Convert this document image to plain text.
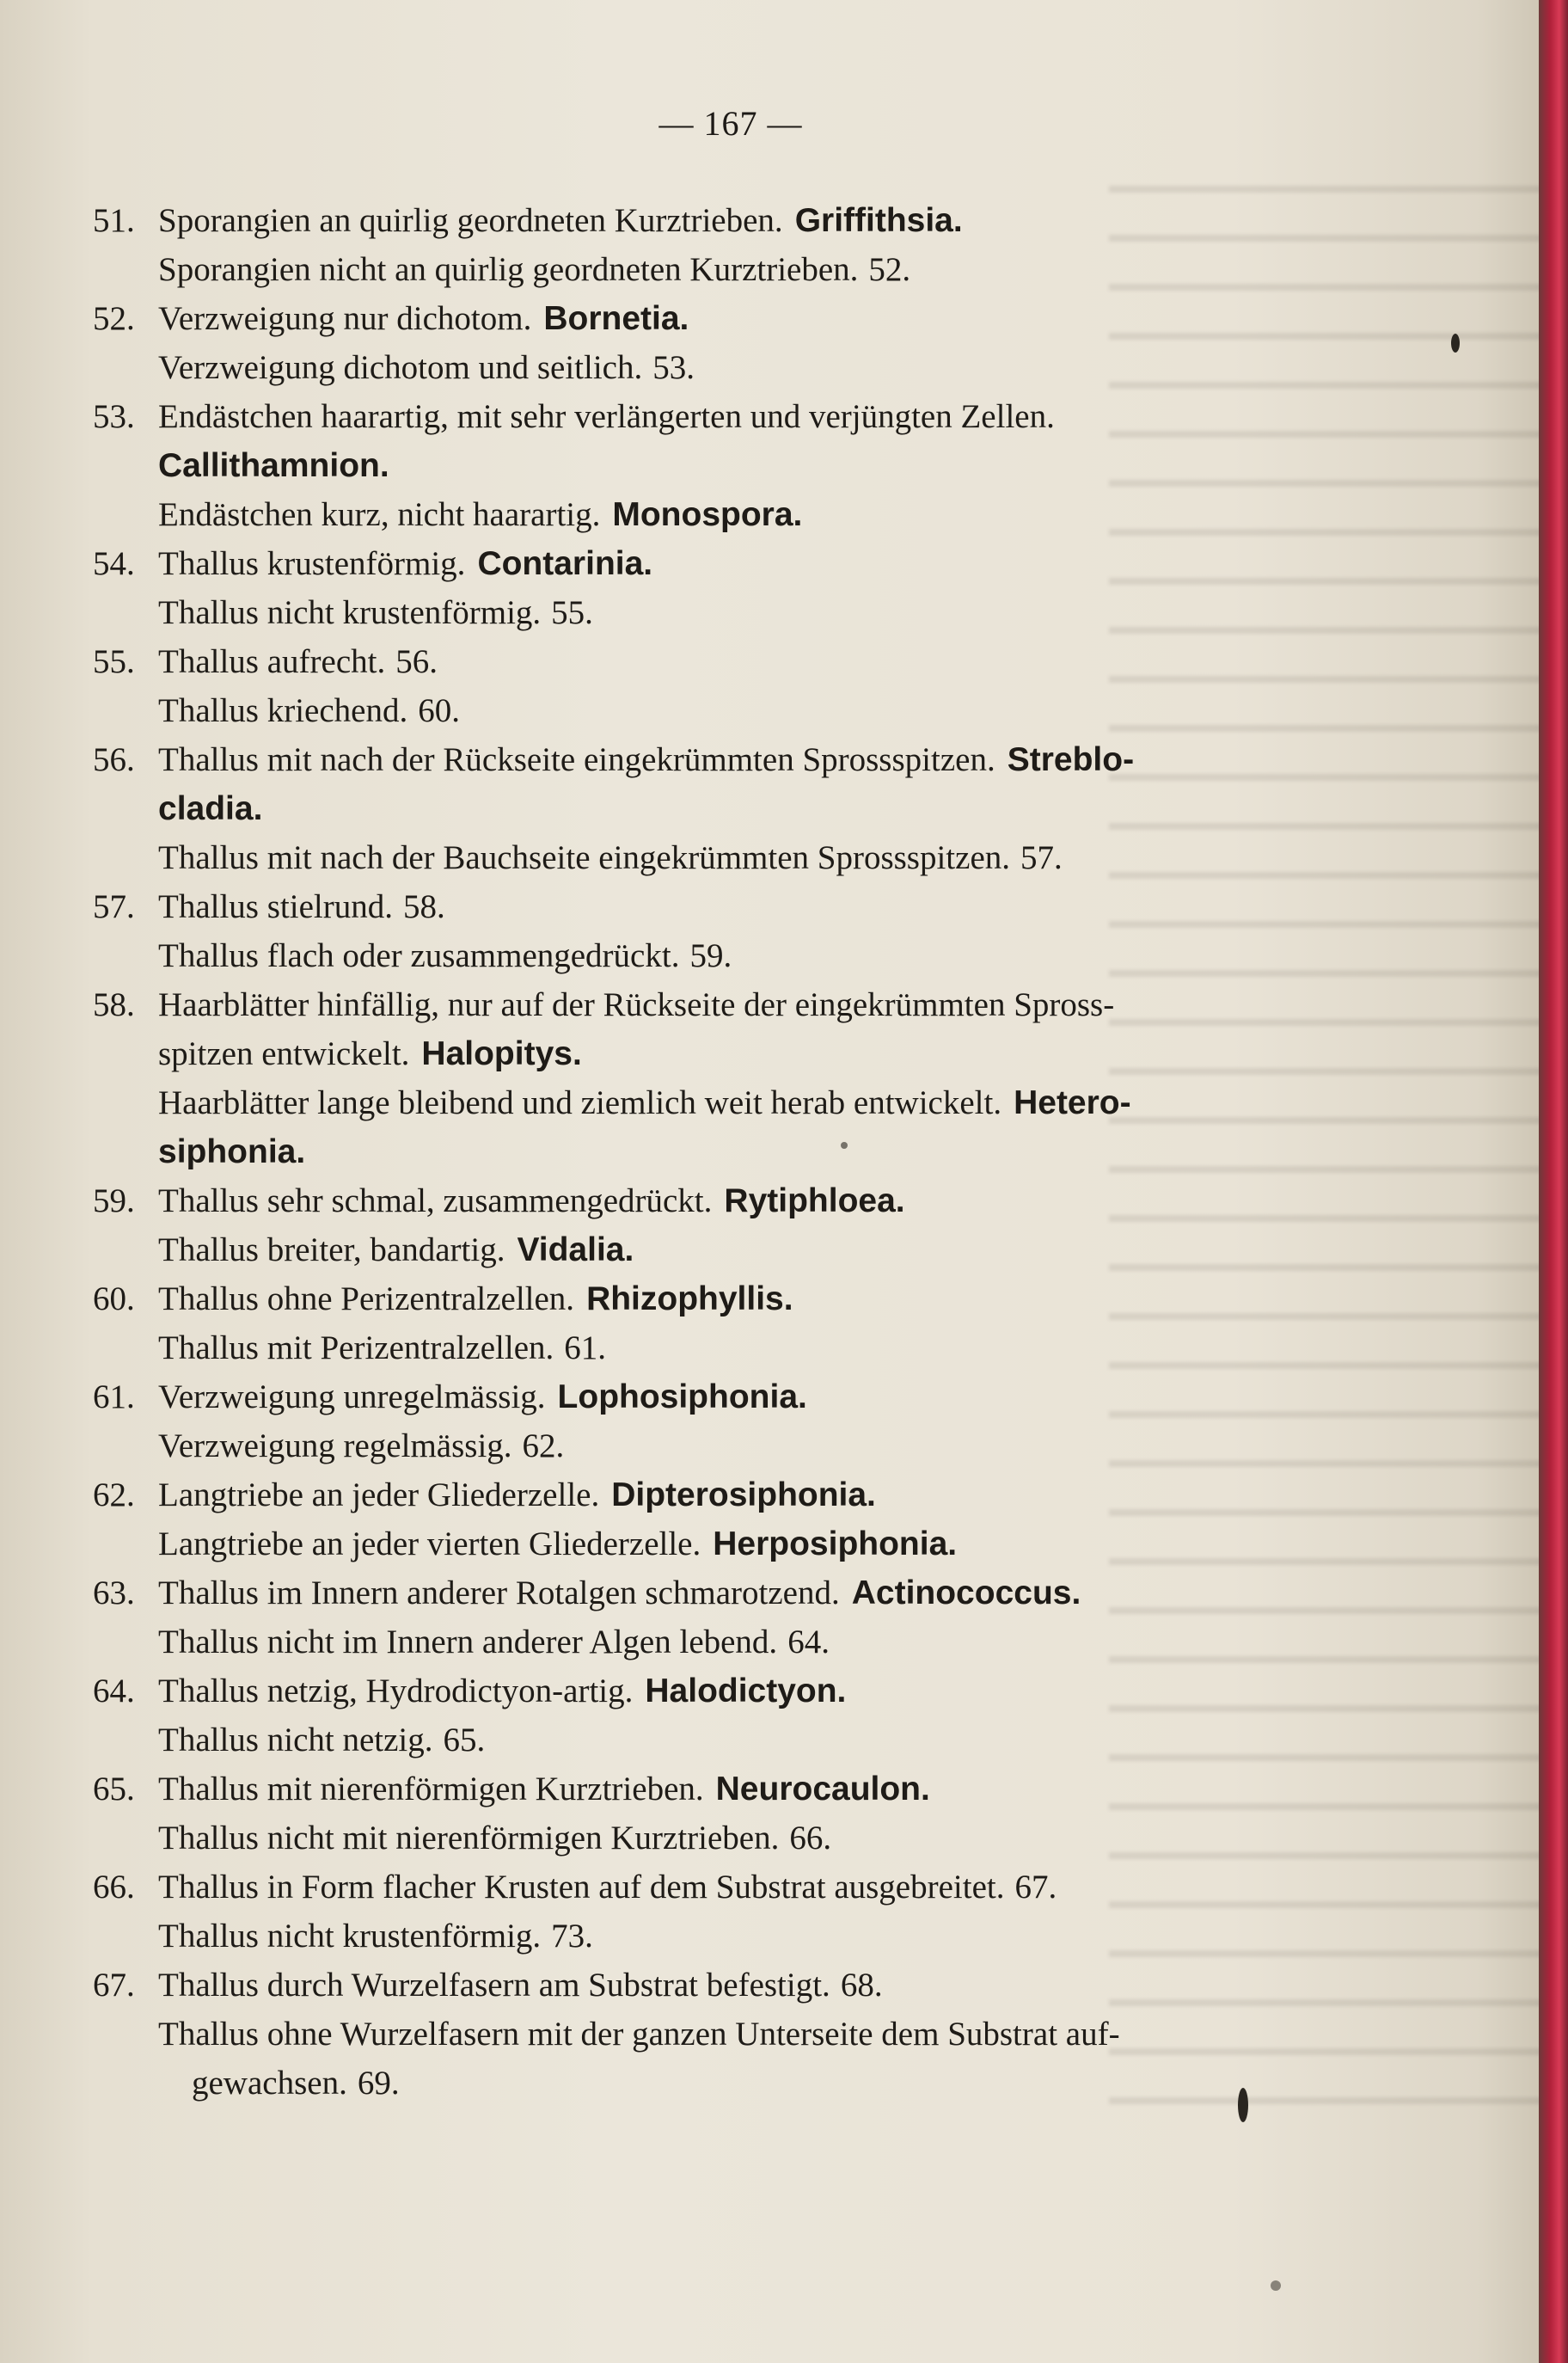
— 167 —
51. Sporangien an quirlig geordneten Kurztrieben. Griffithsia.
Sporangien nicht an quirlig geordneten Kurztrieben. 52.
52. Verzweigung nur dichotom. Bornetia.
Verzweigung dichotom und seitlich. 53.
53. Endästchen haarartig, mit sehr verlängerten und verjüngten Zellen.
Callithamnion.
Endästchen kurz, nicht haarartig. Monospora.
54. Thallus krustenförmig. Contarinia.
Thallus nicht krustenförmig. 55.
55. Thallus aufrecht. 56.
Thallus kriechend. 60.
56. Thallus mit nach der Rückseite eingekrümmten Sprossspitzen. Streblo-
cladia.
Thallus mit nach der Bauchseite eingekrümmten Sprossspitzen. 57.
57. Thallus stielrund. 58.
Thallus flach oder zusammengedrückt. 59.
58. Haarblätter hinfällig, nur auf der Rückseite der eingekrümmten Spross-
spitzen entwickelt. Halopitys.
Haarblätter lange bleibend und ziemlich weit herab entwickelt. Hetero-
siphonia.
59. Thallus sehr schmal, zusammengedrückt. Rytiphloea.
Thallus breiter, bandartig. Vidalia.
60. Thallus ohne Perizentralzellen. Rhizophyllis.
Thallus mit Perizentralzellen. 61.
61. Verzweigung unregelmässig. Lophosiphonia.
Verzweigung regelmässig. 62.
62. Langtriebe an jeder Gliederzelle. Dipterosiphonia.
Langtriebe an jeder vierten Gliederzelle. Herposiphonia.
63. Thallus im Innern anderer Rotalgen schmarotzend. Actinococcus.
Thallus nicht im Innern anderer Algen lebend. 64.
64. Thallus netzig, Hydrodictyon-artig. Halodictyon.
Thallus nicht netzig. 65.
65. Thallus mit nierenförmigen Kurztrieben. Neurocaulon.
Thallus nicht mit nierenförmigen Kurztrieben. 66.
66. Thallus in Form flacher Krusten auf dem Substrat ausgebreitet. 67.
Thallus nicht krustenförmig. 73.
67. Thallus durch Wurzelfasern am Substrat befestigt. 68.
Thallus ohne Wurzelfasern mit der ganzen Unterseite dem Substrat auf-
gewachsen. 69.
